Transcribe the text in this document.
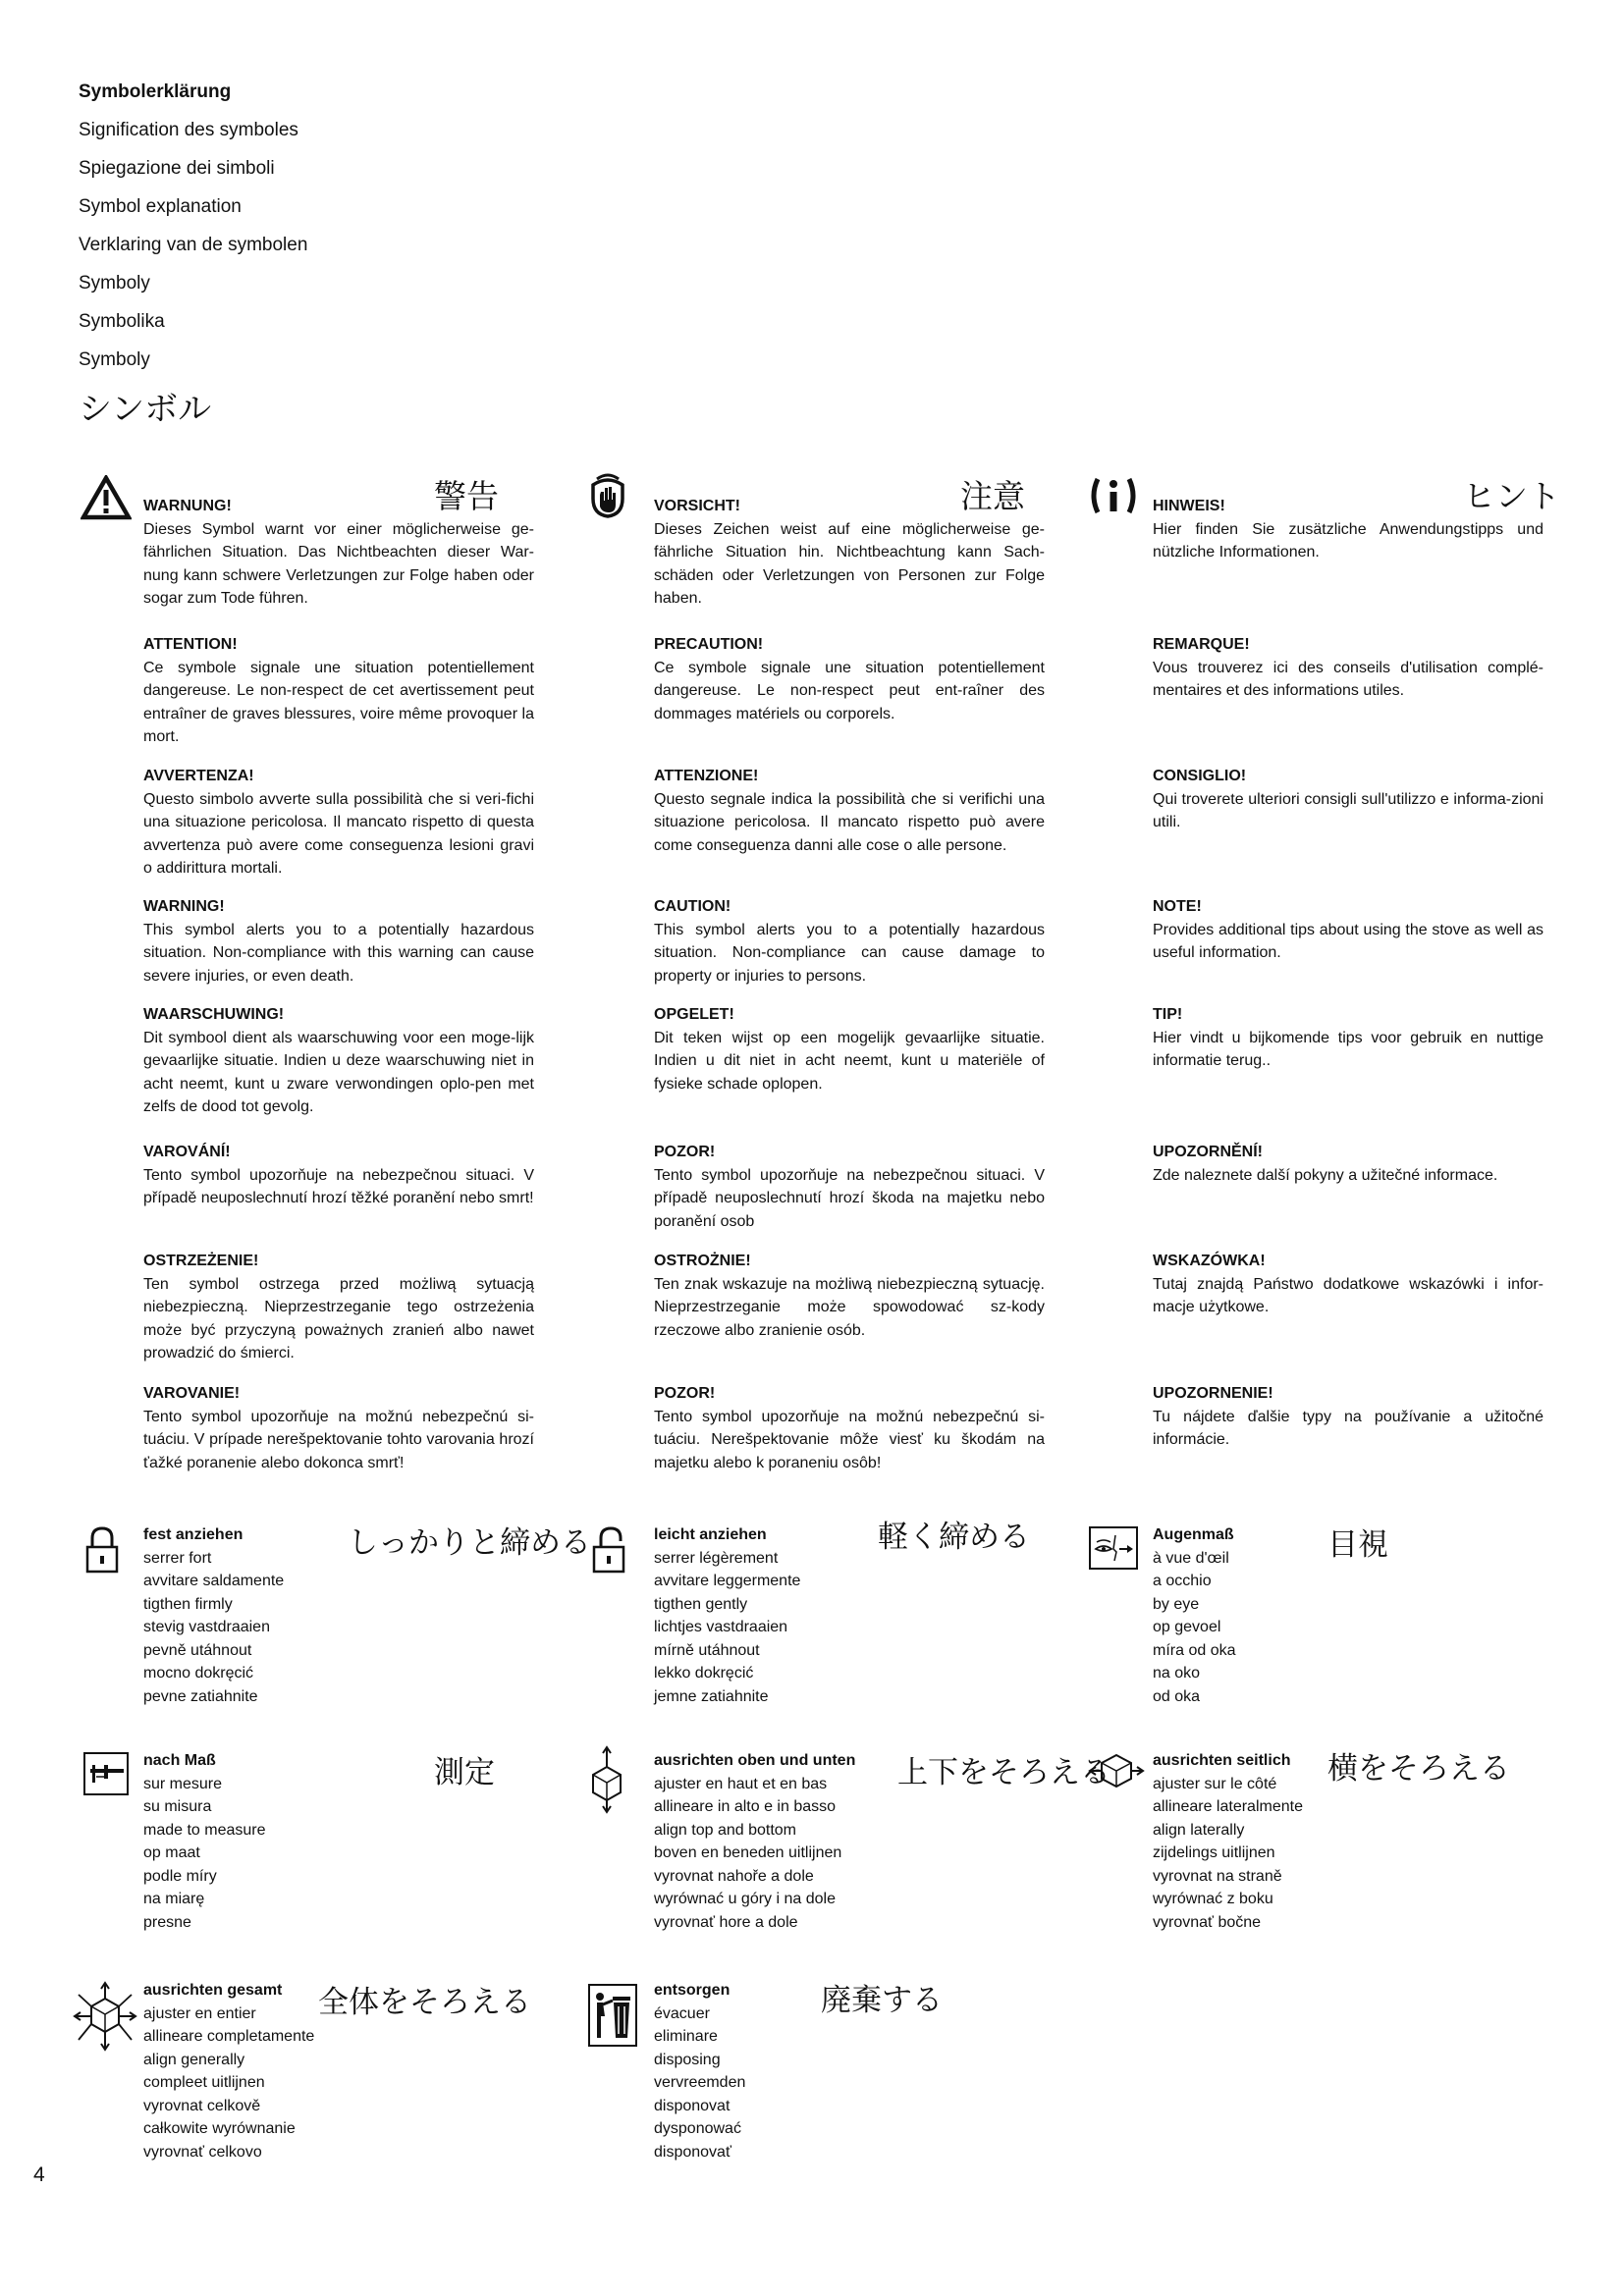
Symbolerklärung
Signification des symboles
Spiegazione dei simboli
Symbol explanation
Verklaring van de symbolen
Symboly
Symbolika
Symboly
シンボル
警告
WARNUNG!
Dieses Symbol warnt vor einer möglicherweise ge-fährlichen Situation. Das Nichtbeachten dieser War-nung kann schwere Verletzungen zur Folge haben oder sogar zum Tode führen.
ATTENTION!
Ce symbole signale une situation potentiellement dangereuse. Le non-respect de cet avertissement peut entraîner de graves blessures, voire même provoquer la mort.
AVVERTENZA!
Questo simbolo avverte sulla possibilità che si veri-fichi una situazione pericolosa. Il mancato rispetto di questa avvertenza può avere come conseguenza lesioni gravi o addirittura mortali.
WARNING!
This symbol alerts you to a potentially hazardous situation. Non-compliance with this warning can cause severe injuries, or even death.
WAARSCHUWING!
Dit symbool dient als waarschuwing voor een moge-lijk gevaarlijke situatie. Indien u deze waarschuwing niet in acht neemt, kunt u zware verwondingen oplo-pen met zelfs de dood tot gevolg.
VAROVÁNÍ!
Tento symbol upozorňuje na nebezpečnou situaci. V případě neuposlechnutí hrozí těžké poranění nebo smrt!
OSTRZEŻENIE!
Ten symbol ostrzega przed możliwą sytuacją niebezpieczną. Nieprzestrzeganie tego ostrzeżenia może być przyczyną poważnych zranień albo nawet prowadzić do śmierci.
VAROVANIE!
Tento symbol upozorňuje na možnú nebezpečnú si-tuáciu. V prípade nerešpektovanie tohto varovania hrozí ťažké poranenie alebo dokonca smrť!
注意
VORSICHT!
Dieses Zeichen weist auf eine möglicherweise ge-fährliche Situation hin. Nichtbeachtung kann Sach-schäden oder Verletzungen von Personen zur Folge haben.
PRECAUTION!
Ce symbole signale une situation potentiellement dangereuse. Le non-respect peut ent-raîner des dommages matériels ou corporels.
ATTENZIONE!
Questo segnale indica la possibilità che si verifichi una situazione pericolosa. Il mancato rispetto può avere come conseguenza danni alle cose o alle persone.
CAUTION!
This symbol alerts you to a potentially hazardous situation. Non-compliance can cause damage to property or injuries to persons.
OPGELET!
Dit teken wijst op een mogelijk gevaarlijke situatie. Indien u dit niet in acht neemt, kunt u materiële of fysieke schade oplopen.
POZOR!
Tento symbol upozorňuje na nebezpečnou situaci. V případě neuposlechnutí hrozí škoda na majetku nebo poranění osob
OSTROŻNIE!
Ten znak wskazuje na możliwą niebezpieczną sytuację. Nieprzestrzeganie może spowodować sz-kody rzeczowe albo zranienie osób.
POZOR!
Tento symbol upozorňuje na možnú nebezpečnú si-tuáciu. Nerešpektovanie môže viesť ku škodám na majetku alebo k poraneniu osôb!
ヒント
HINWEIS!
Hier finden Sie zusätzliche Anwendungstipps und nützliche Informationen.
REMARQUE!
Vous trouverez ici des conseils d'utilisation complé-mentaires et des informations utiles.
CONSIGLIO!
Qui troverete ulteriori consigli sull'utilizzo e informa-zioni utili.
NOTE!
Provides additional tips about using the stove as well as useful information.
TIP!
Hier vindt u bijkomende tips voor gebruik en nuttige informatie terug..
UPOZORNĚNÍ!
Zde naleznete další pokyny a užitečné informace.
WSKAZÓWKA!
Tutaj znajdą Państwo dodatkowe wskazówki i infor-macje użytkowe.
UPOZORNENIE!
Tu nájdete ďalšie typy na používanie a užitočné informácie.
fest anziehen
serrer fort
avvitare saldamente
tigthen firmly
stevig vastdraaien
pevně utáhnout
mocno dokręcić
pevne zatiahnite
しっかりと締める	leicht anziehen
serrer légèrement
avvitare leggermente
tigthen gently
lichtjes vastdraaien
mírně utáhnout
lekko dokręcić
jemne zatiahnite
軽く締める	Augenmaß
à vue d'œil
a occhio
by eye
op gevoel
míra od oka
na oko
od oka
目視
nach Maß
sur mesure
su misura
made to measure
op maat
podle míry
na miarę
presne
測定	ausrichten oben und unten
ajuster en haut et en bas
allineare in alto e in basso
align top and bottom
boven en beneden uitlijnen
vyrovnat nahoře a dole
wyrównać u góry i na dole
vyrovnať hore a dole
上下をそろえる	ausrichten seitlich
ajuster sur le côté
allineare lateralmente
align laterally
zijdelings uitlijnen
vyrovnat na straně
wyrównać z boku
vyrovnať bočne
横をそろえる
ausrichten gesamt
ajuster en entier
allineare completamente
align generally
compleet uitlijnen
vyrovnat celkově
całkowite wyrównanie
vyrovnať celkovo
全体をそろえる	entsorgen
évacuer
eliminare
disposing
vervreemden
disponovat
dysponować
disponovať
廃棄する
4
